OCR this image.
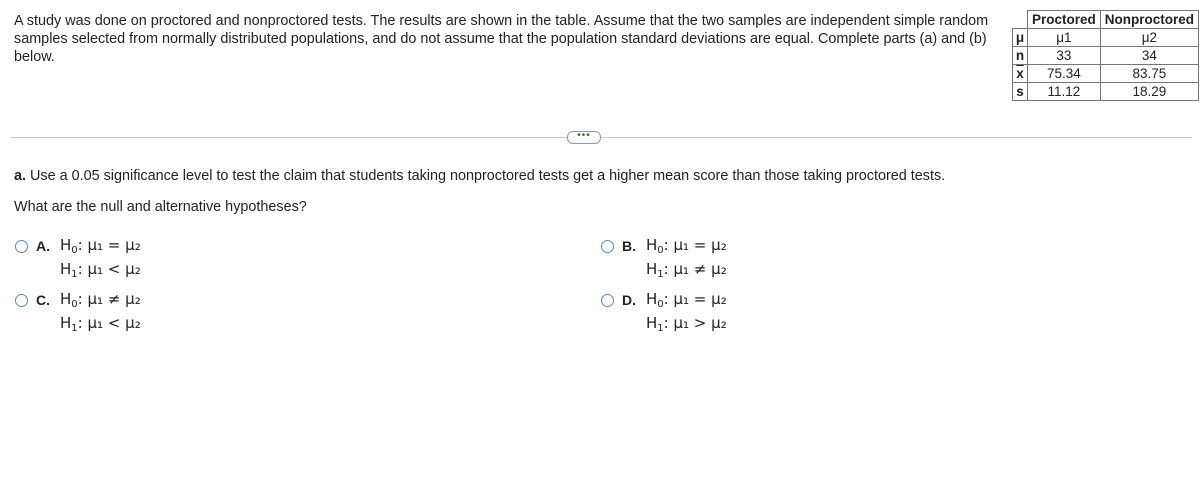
A study was done on proctored and nonproctored tests. The results are shown in the table. Assume that the two samples are independent simple random samples selected from normally distributed populations, and do not assume that the population standard deviations are equal. Complete parts (a) and (b) below.
	Proctored	Nonproctored
μ	μ1	μ2
n	33	34
$\overline{x}$	75.34	83.75
s	11.12	18.29
•••
a. Use a 0.05 significance level to test the claim that students taking nonproctored tests get a higher mean score than those taking proctored tests.
What are the null and alternative hypotheses?
A. $H_0$: μ₁ = μ₂
$H_1$: μ₁ < μ₂
B. $H_0$: μ₁ = μ₂
$H_1$: μ₁ ≠ μ₂
C. $H_0$: μ₁ ≠ μ₂
$H_1$: μ₁ < μ₂
D. $H_0$: μ₁ = μ₂
$H_1$: μ₁ > μ₂
